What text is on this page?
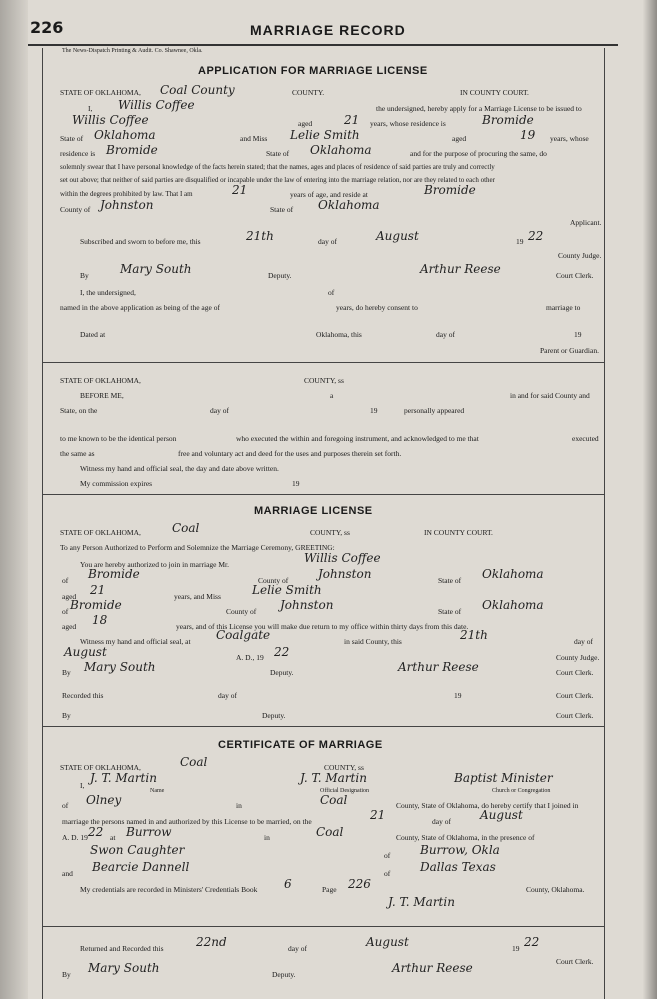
226	MARRIAGE RECORD
The News-Dispatch Printing & Audit. Co. Shawnee, Okla.
APPLICATION FOR MARRIAGE LICENSE
STATE OF OKLAHOMA, Coal County	COUNTY.	IN COUNTY COURT.
I, Willis Coffee	the undersigned, hereby apply for a Marriage License to be issued to
Willis Coffee	aged	21 years, whose residence is	Bromide
State of Oklahoma	and Miss Lelie Smith	aged	19 years, whose
residence is Bromide	State of Oklahoma	and for the purpose of procuring the same, do
solemnly swear that I have personal knowledge of the facts herein stated; that the names, ages and places of residence of said parties are truly and correctly
set out above; that neither of said parties are disqualified or incapable under the law of entering into the marriage relation, nor are they related to each other
within the degrees prohibited by law. That I am	21	years of age, and reside at	Bromide
County of Johnston	State of Oklahoma
Applicant.
Subscribed and sworn to before me, this	21th	day of	August	19 22
County Judge.
By	Mary South	Deputy.	Arthur Reese	Court Clerk.
I, the undersigned,	of
named in the above application as being of the age of	years, do hereby consent to	marriage to
Dated at	Oklahoma, this	day of	19
Parent or Guardian.
STATE OF OKLAHOMA,	COUNTY, ss
BEFORE ME,	a	in and for said County and
State, on the	day of	19	personally appeared
to me known to be the identical person	who executed the within and foregoing instrument, and acknowledged to me that	executed
the same as	free and voluntary act and deed for the uses and purposes therein set forth.
Witness my hand and official seal, the day and date above written.
My commission expires	19
MARRIAGE LICENSE
STATE OF OKLAHOMA,	Coal	COUNTY, ss	IN COUNTY COURT.
To any Person Authorized to Perform and Solemnize the Marriage Ceremony, GREETING:
You are hereby authorized to join in marriage Mr.	Willis Coffee
of Bromide	County of Johnston	State of Oklahoma
aged 21	years, and Miss	Lelie Smith
of Bromide	County of Johnston	State of Oklahoma
aged 18	years, and of this License you will make due return to my office within thirty days from this date.
Witness my hand and official seal, at Coalgate	in said County, this	21th	day of
August	A. D., 19 22	County Judge.
By Mary South	Deputy.	Arthur Reese	Court Clerk.
Recorded this	day of	19	Court Clerk.
By	Deputy.	Court Clerk.
CERTIFICATE OF MARRIAGE
STATE OF OKLAHOMA,	Coal	COUNTY, ss
I,
J. T. Martin
Name
J. T. Martin
Official Designation
Baptist Minister
Church or Congregation
of Olney	in	Coal	County, State of Oklahoma, do hereby certify that I joined in
marriage the persons named in and authorized by this License to be married, on the	21	day of August
A. D. 19 22 at Burrow	in	Coal	County, State of Oklahoma, in the presence of
Swon Caughter	of Burrow, Okla
and Bearcie Dannell	of Dallas Texas
My credentials are recorded in Ministers' Credentials Book 6	Page 226	County, Oklahoma.
J. T. Martin
Returned and Recorded this	22nd	day of	August	19 22
Court Clerk.
By Mary South	Deputy.	Arthur Reese
